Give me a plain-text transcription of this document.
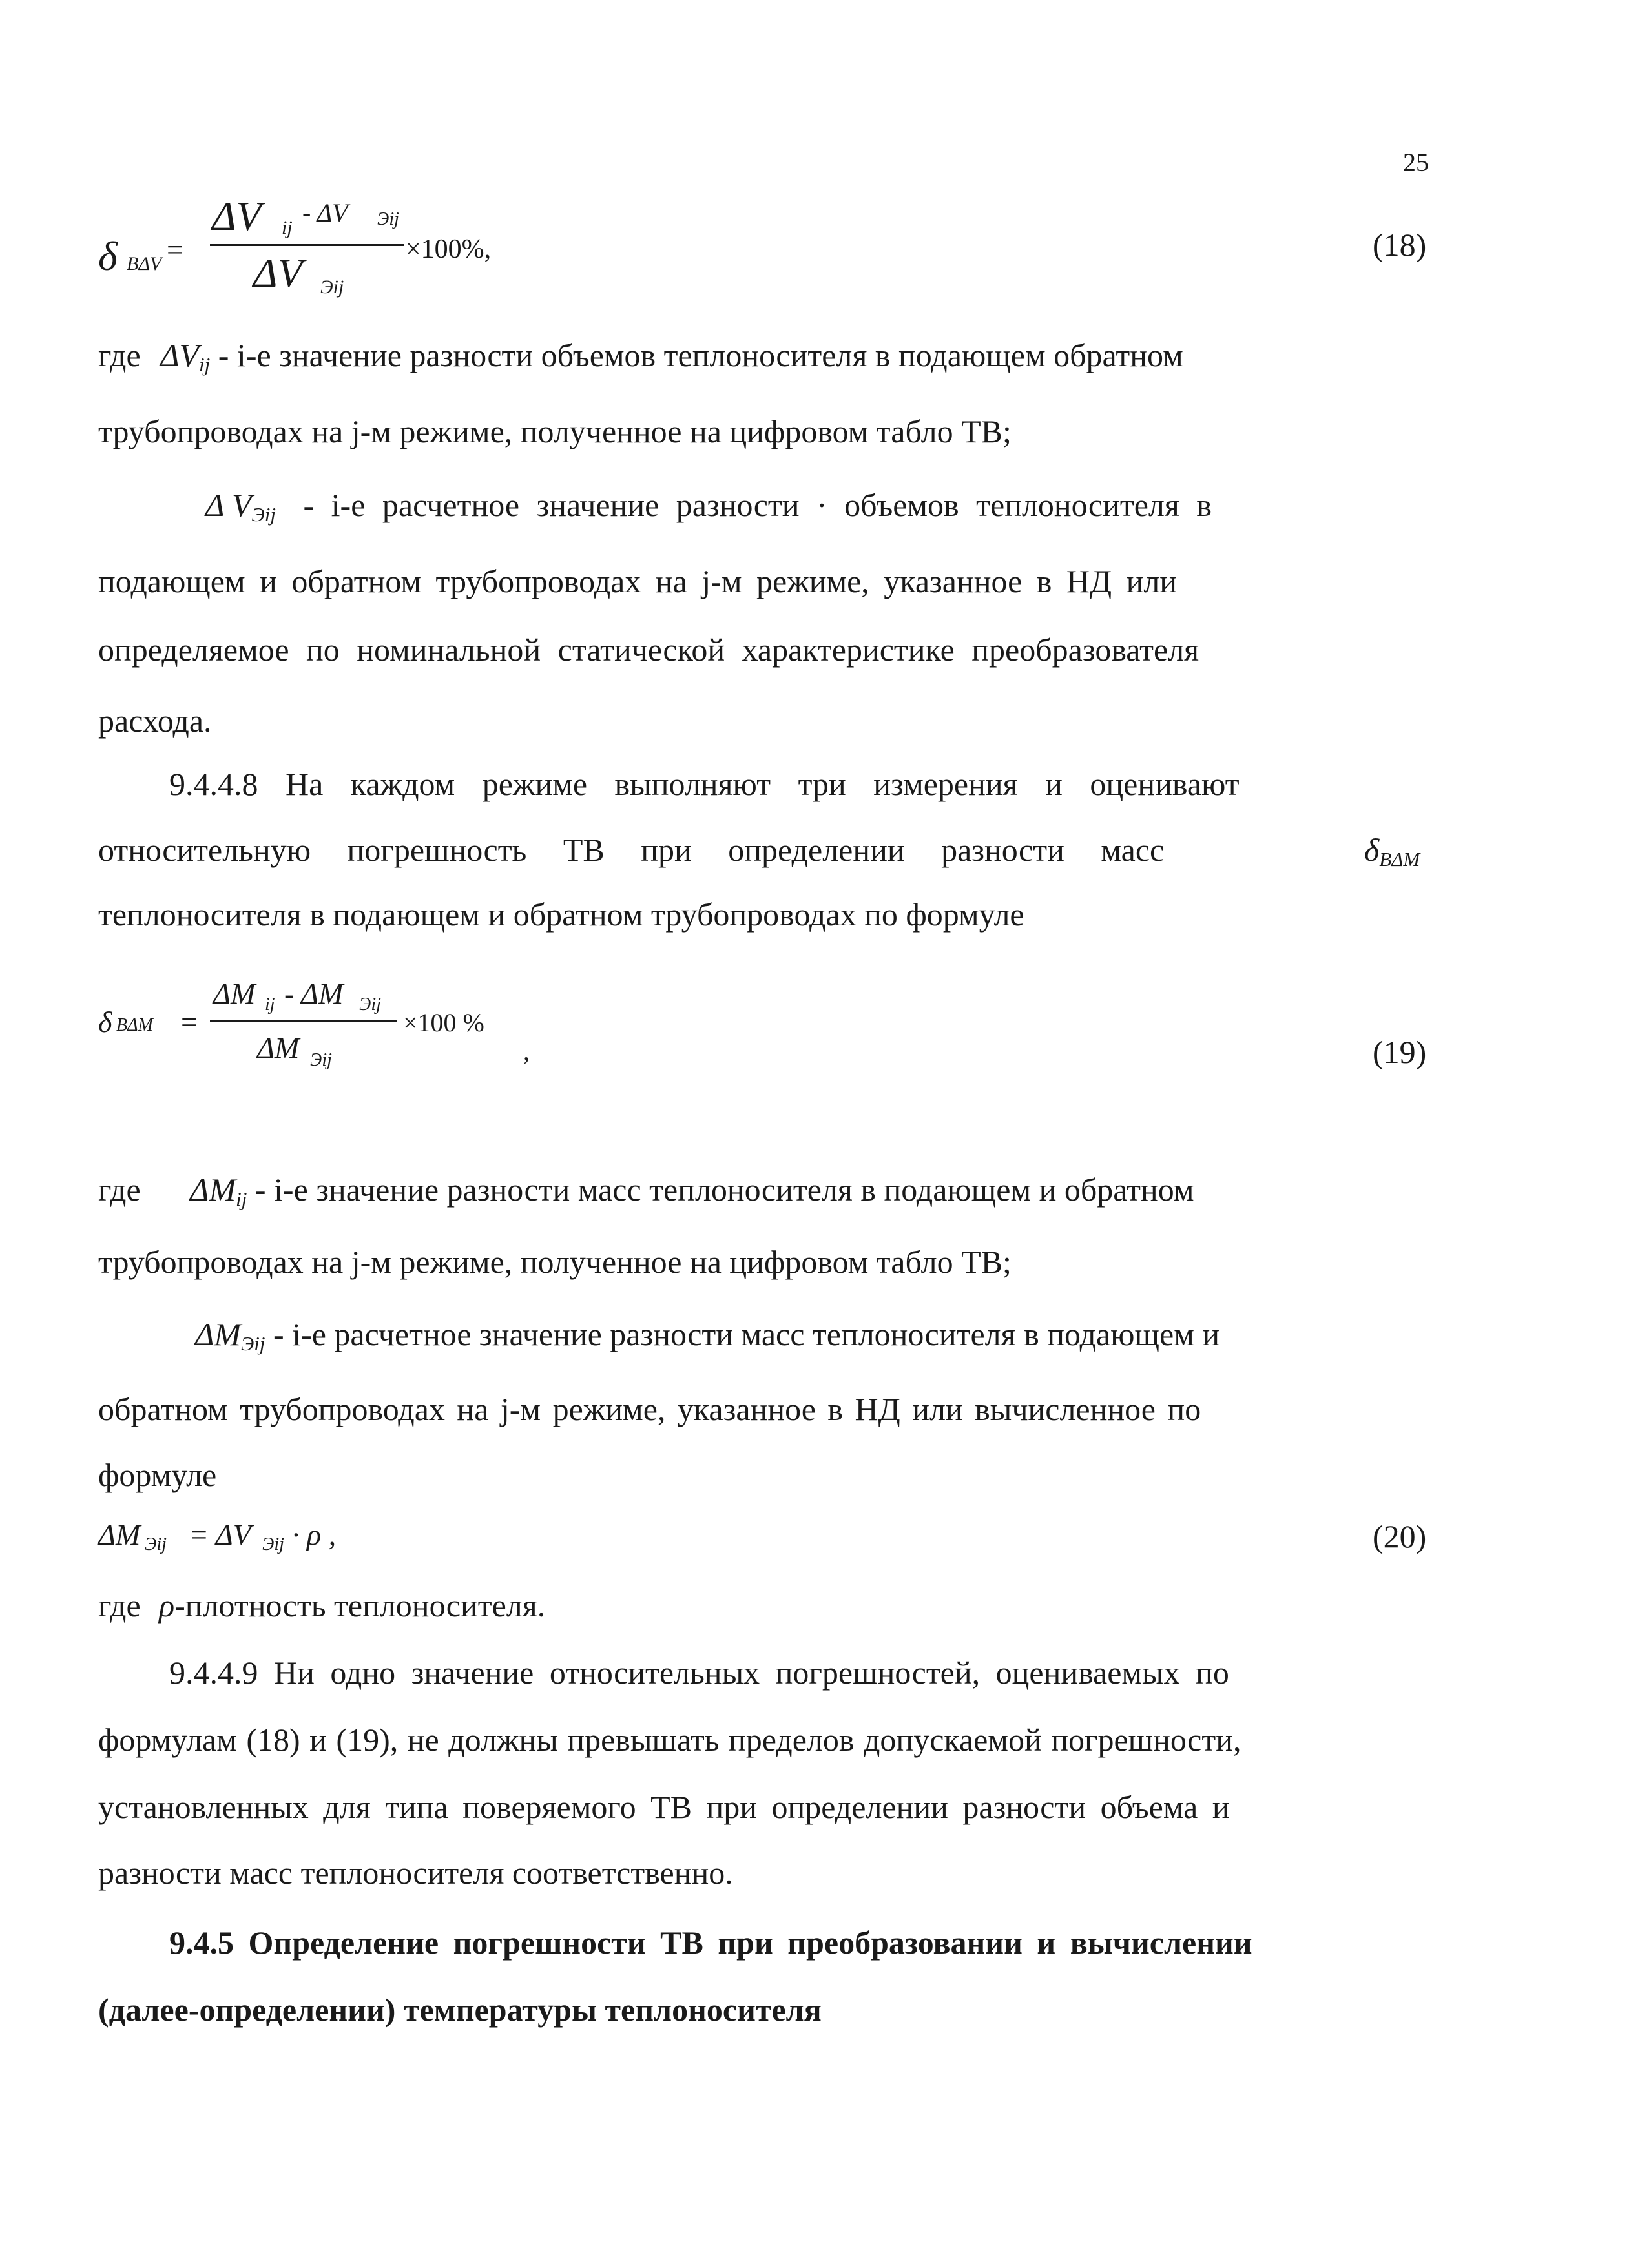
25
δ ВΔV =
ΔV ij
- ΔV Эij
ΔV Эij
×100%,	(18)
где $\Delta V_{ij} - i-е$ значение разности объемов теплоносителя в подающем обратном
трубопроводах на j-м режиме, полученное на цифровом табло ТВ;
Δ $V_{Эij} - i-е$ расчетное значение разности · объемов теплоносителя в
подающем и обратном трубопроводах на j-м режиме, указанное в НД или
определяемое по номинальной статической характеристике преобразователя
расхода.
9.4.4.8 На каждом режиме выполняют три измерения и оценивают
относительную погрешность ТВ при определении разности масс	$\delta_{В\Delta М}$
теплоносителя в подающем и обратном трубопроводах по формуле
δ ВΔМ =
ΔМ ij - ΔМ Эij
ΔМ Эij
×100 %
,	(19)
где $\Delta М_{ij} - i-е$ значение разности масс теплоносителя в подающем и обратном
трубопроводах на j-м режиме, полученное на цифровом табло ТВ;
$\Delta М_{Эij} - i-е$ расчетное значение разности масс теплоносителя в подающем и
обратном трубопроводах на j-м режиме, указанное в НД или вычисленное по
формуле
ΔМ Эij = ΔV Эij · ρ ,	(20)
где ρ-плотность теплоносителя.
9.4.4.9 Ни одно значение относительных погрешностей, оцениваемых по
формулам (18) и (19), не должны превышать пределов допускаемой погрешности,
установленных для типа поверяемого ТВ при определении разности объема и
разности масс теплоносителя соответственно.
9.4.5 Определение погрешности ТВ при преобразовании и вычислении
(далее-определении) температуры теплоносителя
